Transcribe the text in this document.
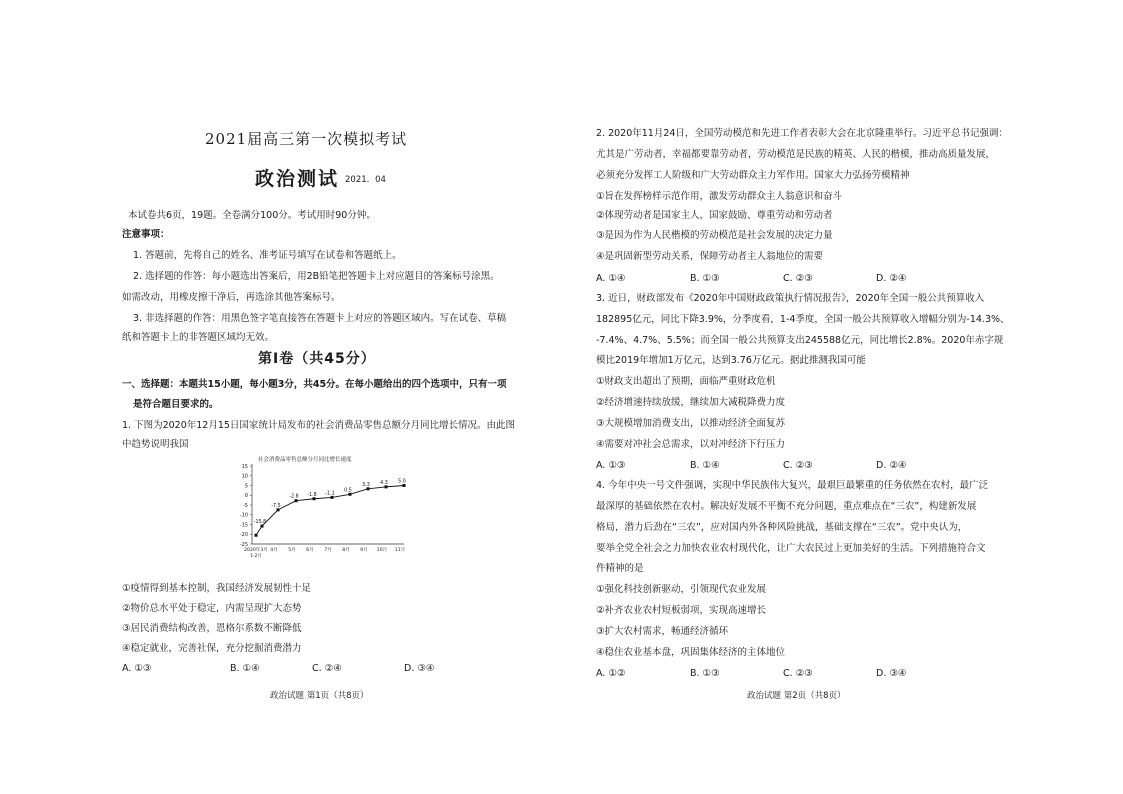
2021届高三第一次模拟考试
政治测试 2021．04
本试卷共6页，19题。全卷满分100分。考试用时90分钟。
注意事项：
1. 答题前，先将自己的姓名、准考证号填写在试卷和答题纸上。
2. 选择题的作答：每小题选出答案后，用2B铅笔把答题卡上对应题目的答案标号涂黑。
如需改动，用橡皮擦干净后，再选涂其他答案标号。
3. 非选择题的作答：用黑色签字笔直接答在答题卡上对应的答题区域内。写在试卷、草稿
纸和答题卡上的非答题区域均无效。
第Ⅰ卷（共45分）
一、选择题：本题共15小题，每小题3分，共45分。在每小题给出的四个选项中，只有一项
是符合题目要求的。
1. 下图为2020年12月15日国家统计局发布的社会消费品零售总额分月同比增长情况。由此图
中趋势说明我国
社会消费品零售总额分月同比增长速度
15
10
5
0
-5
-10
-15
-20
-25
2020年3月 4月 5月 6月 7月 8月 9月 10月 11月
1-2月
-15.8
-7.5
-2.8 -1.8 -1.1
0.5
3.3 4.3 5.0
①疫情得到基本控制，我国经济发展韧性十足
②物价总水平处于稳定，内需呈现扩大态势
③居民消费结构改善，恩格尔系数不断降低
④稳定就业，完善社保，充分挖掘消费潜力
A. ①③	B. ①④	C. ②④	D. ③④
政治试题 第1页（共8页）
2. 2020年11月24日，全国劳动模范和先进工作者表彰大会在北京隆重举行。习近平总书记强调：
尤其是广劳动者，幸福都要靠劳动者，劳动模范是民族的精英、人民的楷模，推动高质量发展，
必须充分发挥工人阶级和广大劳动群众主力军作用。国家大力弘扬劳模精神
①旨在发挥榜样示范作用，激发劳动群众主人翁意识和奋斗
②体现劳动者是国家主人，国家鼓励、尊重劳动和劳动者
③是因为作为人民楷模的劳动模范是社会发展的决定力量
④是巩固新型劳动关系，保障劳动者主人翁地位的需要
A. ①④	B. ①③	C. ②③	D. ②④
3. 近日，财政部发布《2020年中国财政政策执行情况报告》，2020年全国一般公共预算收入
182895亿元，同比下降3.9%，分季度看，1-4季度，全国一般公共预算收入增幅分别为-14.3%、
-7.4%、4.7%、5.5%；而全国一般公共预算支出245588亿元，同比增长2.8%。2020年赤字规
模比2019年增加1万亿元，达到3.76万亿元。据此推测我国可能
①财政支出超出了预期，面临严重财政危机
②经济增速持续放缓，继续加大减税降费力度
③大规模增加消费支出，以推动经济全面复苏
④需要对冲社会总需求，以对冲经济下行压力
A. ①③	B. ①④	C. ②③	D. ②④
4. 今年中央一号文件强调，实现中华民族伟大复兴，最艰巨最繁重的任务依然在农村，最广泛
最深厚的基础依然在农村。解决好发展不平衡不充分问题，重点难点在“三农”，构建新发展
格局，潜力后劲在“三农”，应对国内外各种风险挑战，基础支撑在“三农”。党中央认为，
要举全党全社会之力加快农业农村现代化，让广大农民过上更加美好的生活。下列措施符合文
件精神的是
①强化科技创新驱动，引领现代农业发展
②补齐农业农村短板弱项，实现高速增长
③扩大农村需求，畅通经济循环
④稳住农业基本盘，巩固集体经济的主体地位
A. ①②	B. ①③	C. ②③	D. ③④
政治试题 第2页（共8页）
